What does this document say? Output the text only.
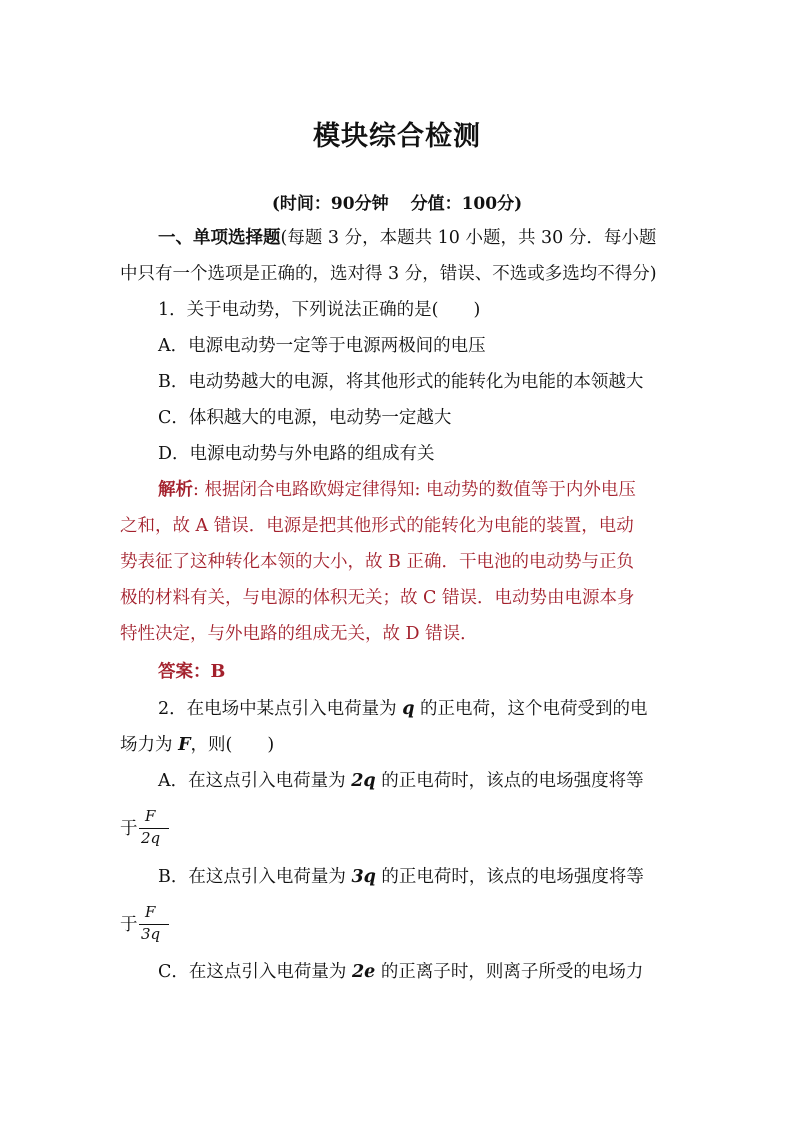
模块综合检测
(时间：90分钟 分值：100分)
一、单项选择题(每题 3 分，本题共 10 小题，共 30 分．每小题
中只有一个选项是正确的，选对得 3 分，错误、不选或多选均不得分)
1．关于电动势，下列说法正确的是(　　)
A．电源电动势一定等于电源两极间的电压
B．电动势越大的电源，将其他形式的能转化为电能的本领越大
C．体积越大的电源，电动势一定越大
D．电源电动势与外电路的组成有关
解析: 根据闭合电路欧姆定律得知: 电动势的数值等于内外电压
之和，故 A 错误．电源是把其他形式的能转化为电能的装置，电动
势表征了这种转化本领的大小，故 B 正确．干电池的电动势与正负
极的材料有关，与电源的体积无关；故 C 错误．电动势由电源本身
特性决定，与外电路的组成无关，故 D 错误．
答案：B
2．在电场中某点引入电荷量为 q 的正电荷，这个电荷受到的电
场力为 F，则(　　)
A．在这点引入电荷量为 2q 的正电荷时，该点的电场强度将等
于
F
2q
B．在这点引入电荷量为 3q 的正电荷时，该点的电场强度将等
于
F
3q
C．在这点引入电荷量为 2e 的正离子时，则离子所受的电场力
